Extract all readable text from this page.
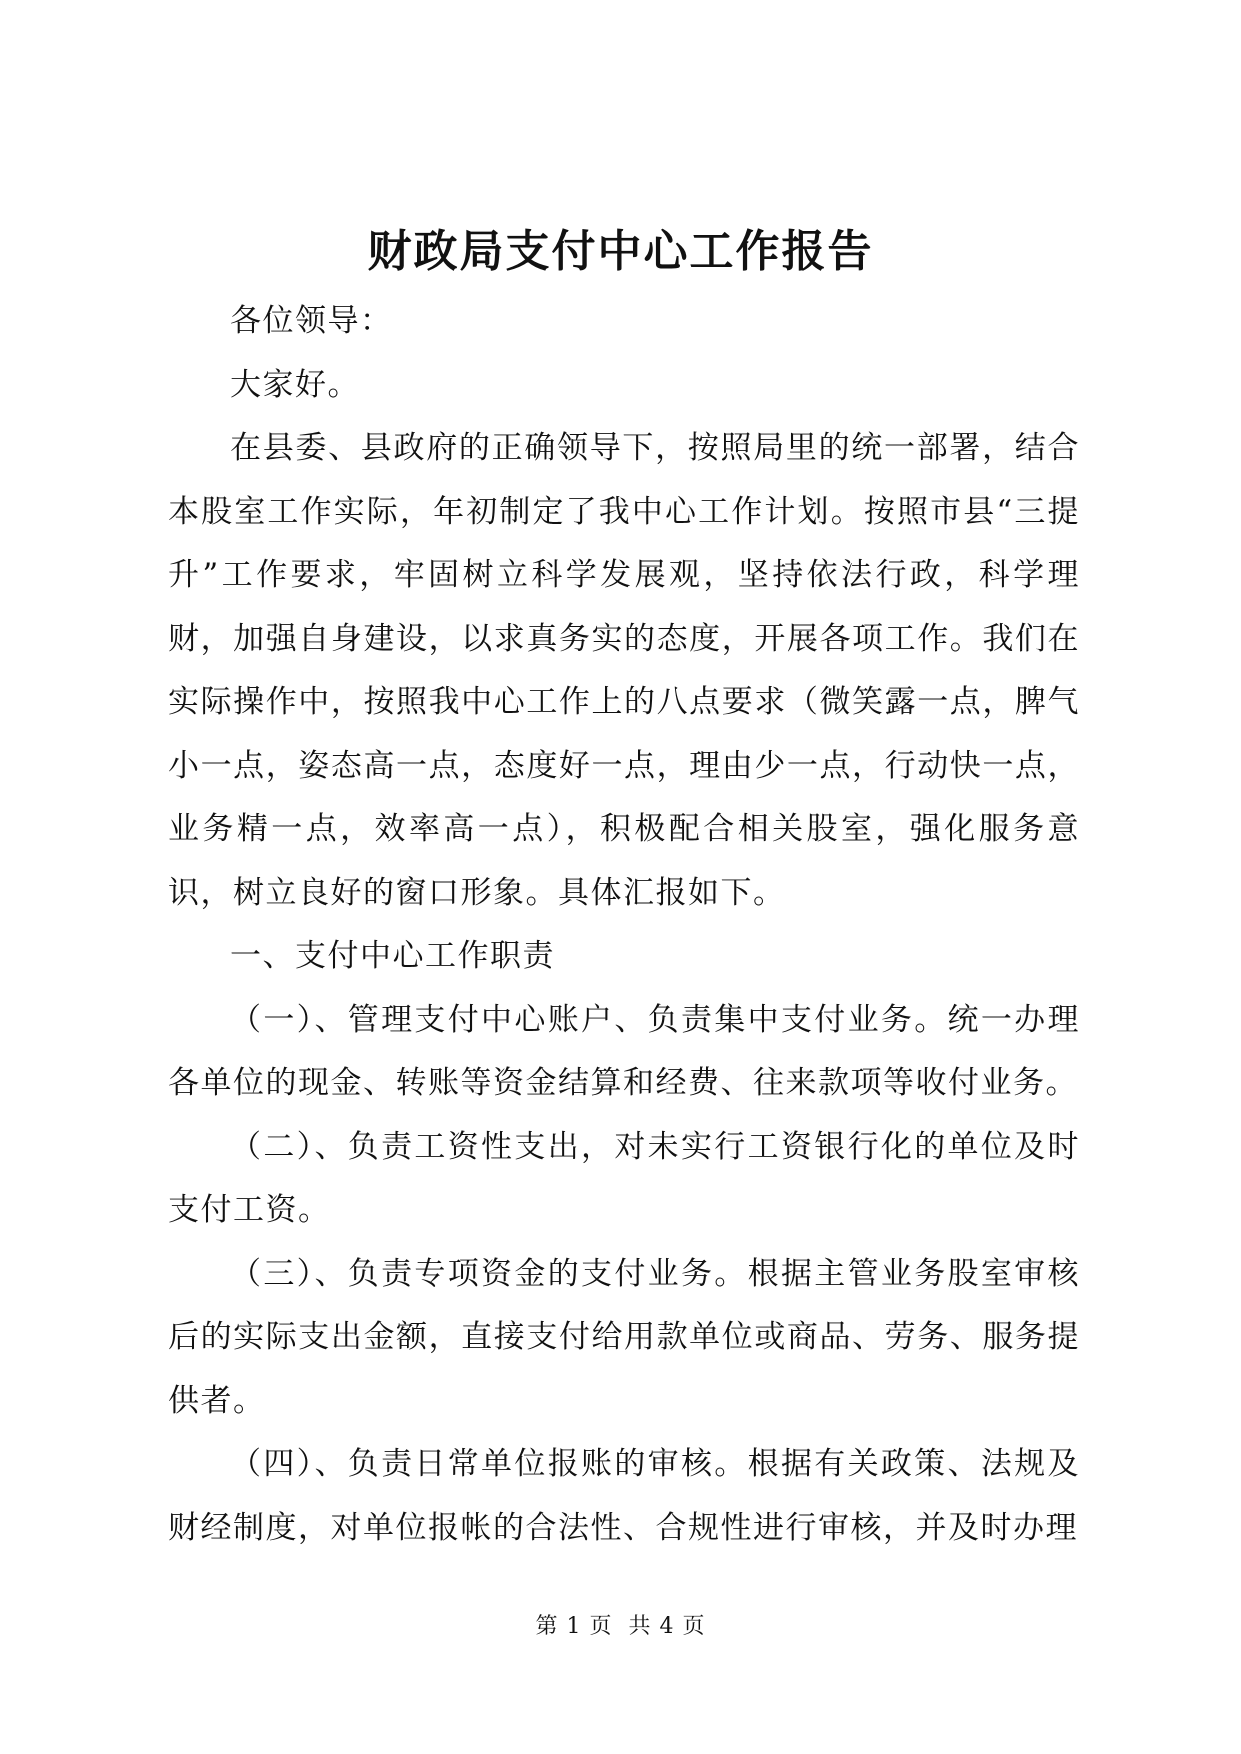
财政局支付中心工作报告

各位领导：

大家好。

在县委、县政府的正确领导下，按照局里的统一部署，结合本股室工作实际，年初制定了我中心工作计划。按照市县“三提升”工作要求，牢固树立科学发展观，坚持依法行政，科学理财，加强自身建设，以求真务实的态度，开展各项工作。我们在实际操作中，按照我中心工作上的八点要求（微笑露一点，脾气小一点，姿态高一点，态度好一点，理由少一点，行动快一点，业务精一点，效率高一点），积极配合相关股室，强化服务意识，树立良好的窗口形象。具体汇报如下。

一、支付中心工作职责

（一）、管理支付中心账户、负责集中支付业务。统一办理各单位的现金、转账等资金结算和经费、往来款项等收付业务。

（二）、负责工资性支出，对未实行工资银行化的单位及时支付工资。

（三）、负责专项资金的支付业务。根据主管业务股室审核后的实际支出金额，直接支付给用款单位或商品、劳务、服务提供者。

（四）、负责日常单位报账的审核。根据有关政策、法规及财经制度，对单位报帐的合法性、合规性进行审核，并及时办理

第 1 页  共 4 页
